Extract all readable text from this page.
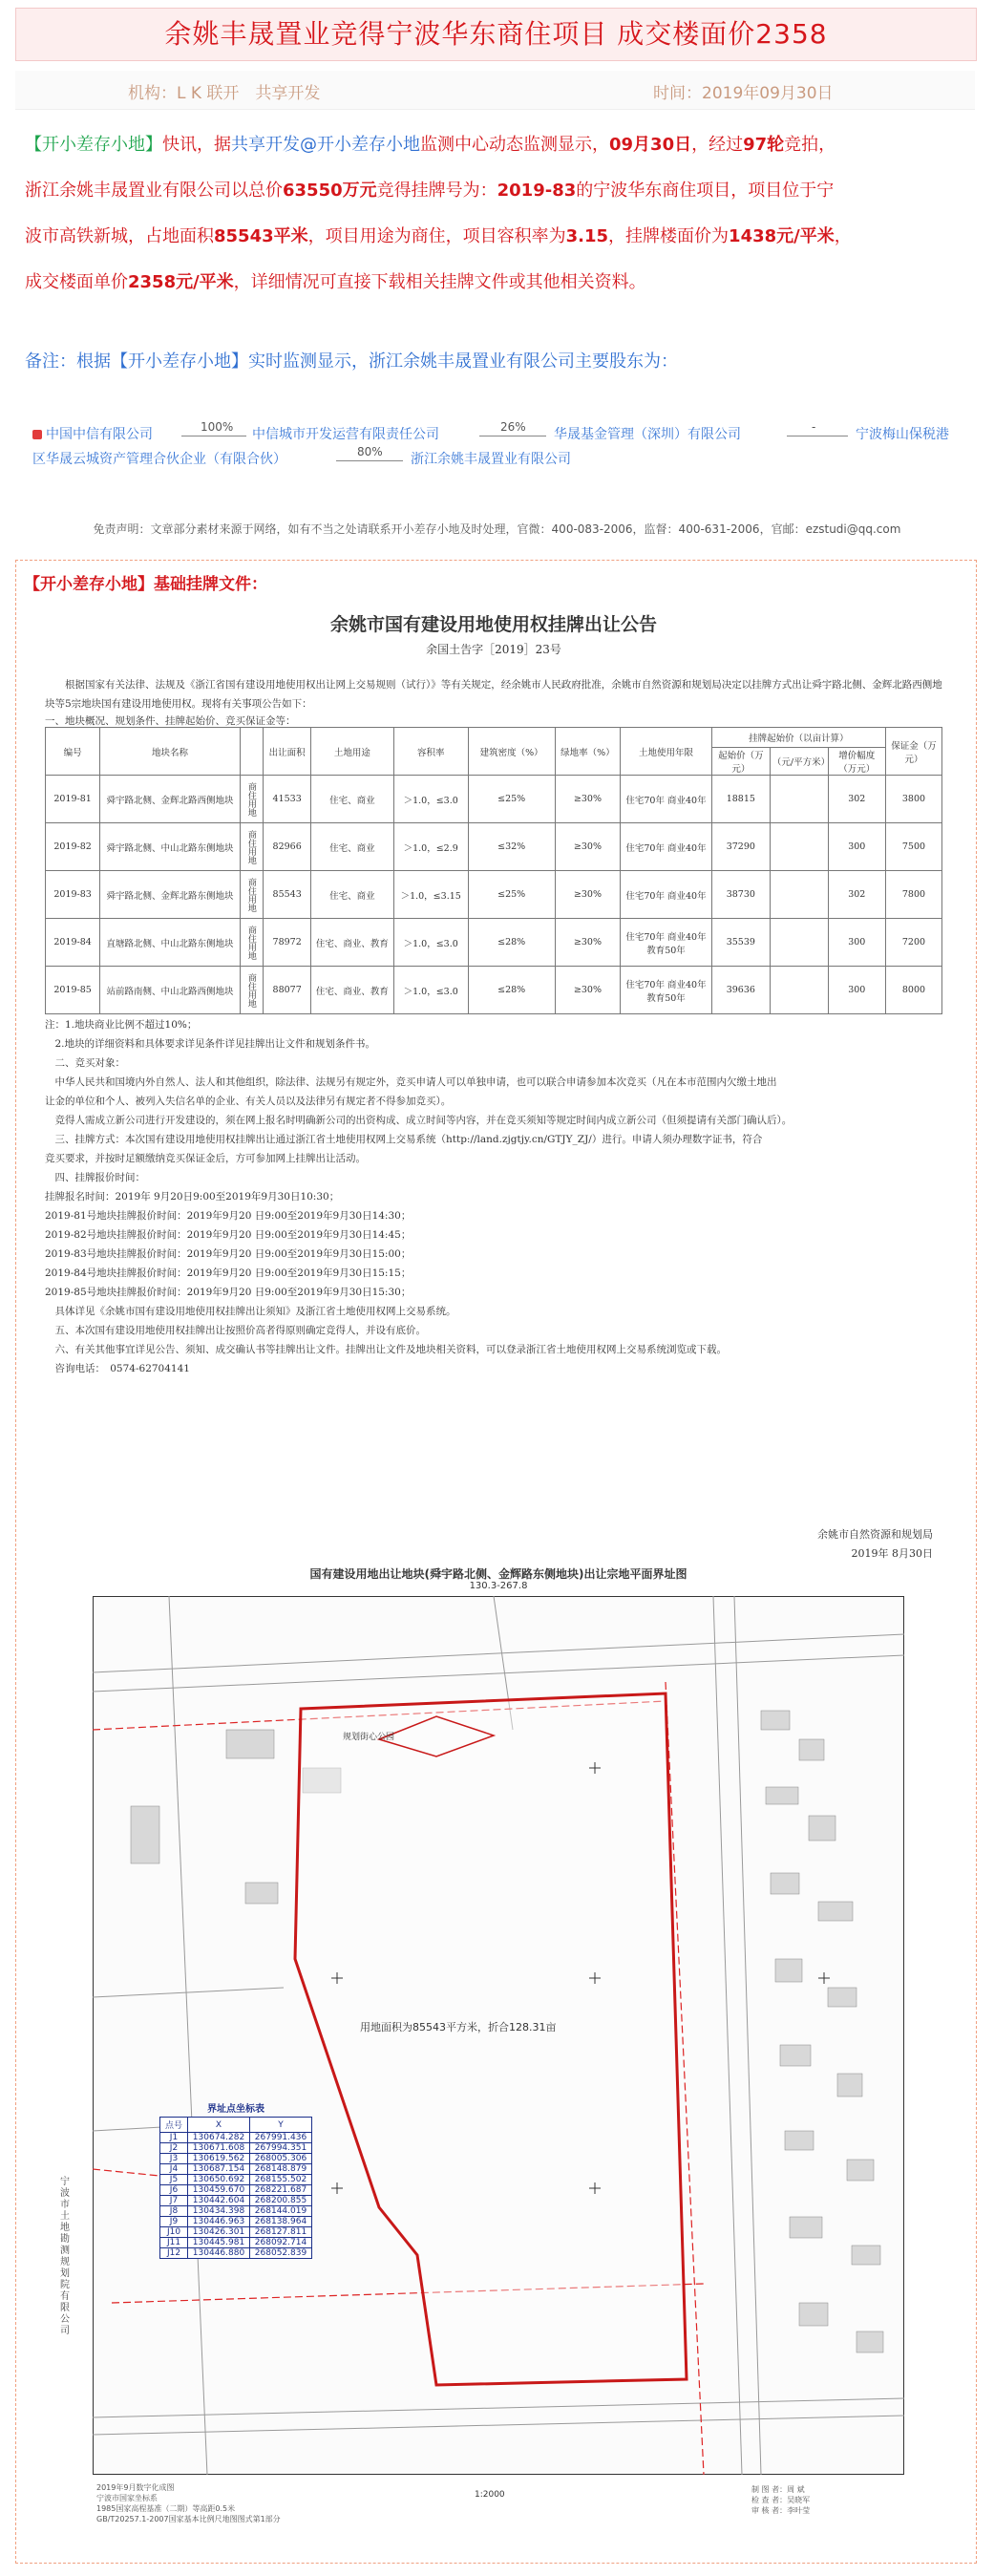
余姚丰晟置业竞得宁波华东商住项目 成交楼面价2358
机构：L K 联开　共享开发	时间：2019年09月30日
【开小差存小地】快讯，据共享开发@开小差存小地监测中心动态监测显示，09月30日，经过97轮竞拍，
浙江余姚丰晟置业有限公司以总价63550万元竞得挂牌号为：2019-83的宁波华东商住项目，项目位于宁
波市高铁新城，占地面积85543平米，项目用途为商住，项目容积率为3.15，挂牌楼面价为1438元/平米，
成交楼面单价2358元/平米，详细情况可直接下载相关挂牌文件或其他相关资料。
备注：根据【开小差存小地】实时监测显示，浙江余姚丰晟置业有限公司主要股东为：
中国中信有限公司	100% 中信城市开发运营有限责任公司	26% 华晟基金管理（深圳）有限公司	-	宁波梅山保税港
区华晟云城资产管理合伙企业（有限合伙）	80% 浙江余姚丰晟置业有限公司
免责声明：文章部分素材来源于网络，如有不当之处请联系开小差存小地及时处理，官微：400-083-2006，监督：400-631-2006，官邮：ezstudi@qq.com
【开小差存小地】基础挂牌文件：
余姚市国有建设用地使用权挂牌出让公告
余国土告字［2019］23号
根据国家有关法律、法规及《浙江省国有建设用地使用权出让网上交易规则（试行）》等有关规定，经余姚市人民政府批准，余姚市自然资源和规划局决定以挂牌方式出让舜宇路北侧、金辉北路西侧地块等5宗地块国有建设用地使用权。现将有关事项公告如下：
一、地块概况、规划条件、挂牌起始价、竞买保证金等：
编号	地块名称		出让面积	土地用途	容积率	建筑密度（%）	绿地率（%）	土地使用年限	挂牌起始价（以亩计算）			保证金（万元）
									起始价（万元）	（元/平方米）	增价幅度（万元）	
2019-81	舜宇路北侧、金辉北路西侧地块	商住用地	41533	住宅、商业	＞1.0，≤3.0	≤25%	≥30%	住宅70年 商业40年	18815		302	3800
2019-82	舜宇路北侧、中山北路东侧地块	商住用地	82966	住宅、商业	＞1.0，≤2.9	≤32%	≥30%	住宅70年 商业40年	37290		300	7500
2019-83	舜宇路北侧、金辉北路东侧地块	商住用地	85543	住宅、商业	＞1.0，≤3.15	≤25%	≥30%	住宅70年 商业40年	38730		302	7800
2019-84	直塘路北侧、中山北路东侧地块	商住用地	78972	住宅、商业、教育	＞1.0，≤3.0	≤28%	≥30%	住宅70年 商业40年 教育50年	35539		300	7200
2019-85	站前路南侧、中山北路西侧地块	商住用地	88077	住宅、商业、教育	＞1.0，≤3.0	≤28%	≥30%	住宅70年 商业40年 教育50年	39636		300	8000
注：1.地块商业比例不超过10%；
　2.地块的详细资料和具体要求详见条件详见挂牌出让文件和规划条件书。
　二、竞买对象：
　中华人民共和国境内外自然人、法人和其他组织，除法律、法规另有规定外，竞买申请人可以单独申请，也可以联合申请参加本次竞买（凡在本市范围内欠缴土地出
让金的单位和个人、被列入失信名单的企业、有关人员以及法律另有规定者不得参加竞买）。
　竞得人需成立新公司进行开发建设的，须在网上报名时明确新公司的出资构成、成立时间等内容，并在竞买须知等规定时间内成立新公司（但须提请有关部门确认后）。
　三、挂牌方式：本次国有建设用地使用权挂牌出让通过浙江省土地使用权网上交易系统（http://land.zjgtjy.cn/GTJY_ZJ/）进行。申请人须办理数字证书，符合
竞买要求，并按时足额缴纳竞买保证金后，方可参加网上挂牌出让活动。
　四、挂牌报价时间：
挂牌报名时间：2019年 9月20日9:00至2019年9月30日10:30；
2019-81号地块挂牌报价时间：2019年9月20 日9:00至2019年9月30日14:30；
2019-82号地块挂牌报价时间：2019年9月20 日9:00至2019年9月30日14:45；
2019-83号地块挂牌报价时间：2019年9月20 日9:00至2019年9月30日15:00；
2019-84号地块挂牌报价时间：2019年9月20 日9:00至2019年9月30日15:15；
2019-85号地块挂牌报价时间：2019年9月20 日9:00至2019年9月30日15:30；
　具体详见《余姚市国有建设用地使用权挂牌出让须知》及浙江省土地使用权网上交易系统。
　五、本次国有建设用地使用权挂牌出让按照价高者得原则确定竞得人，并设有底价。
　六、有关其他事宜详见公告、须知、成交确认书等挂牌出让文件。挂牌出让文件及地块相关资料，可以登录浙江省土地使用权网上交易系统浏览或下载。
　咨询电话：　0574-62704141
余姚市自然资源和规划局
2019年 8月30日
国有建设用地出让地块(舜宇路北侧、金辉路东侧地块)出让宗地平面界址图
130.3-267.8
宁波市土地勘测规划院有限公司
规划街心公园
用地面积为85543平方米，折合128.31亩
界址点坐标表
点号	X	Y
J1	130674.282	267991.436
J2	130671.608	267994.351
J3	130619.562	268005.306
J4	130687.154	268148.879
J5	130650.692	268155.502
J6	130459.670	268221.687
J7	130442.604	268200.855
J8	130434.398	268144.019
J9	130446.963	268138.964
J10	130426.301	268127.811
J11	130445.981	268092.714
J12	130446.880	268052.839
2019年9月数字化成图
宁波市国家坐标系
1985国家高程基准（二期）等高距0.5米
GB/T20257.1-2007国家基本比例尺地图图式第1部分
1:2000
制 图 者：周 斌
检 查 者：吴晓军
审 核 者：李叶莹
